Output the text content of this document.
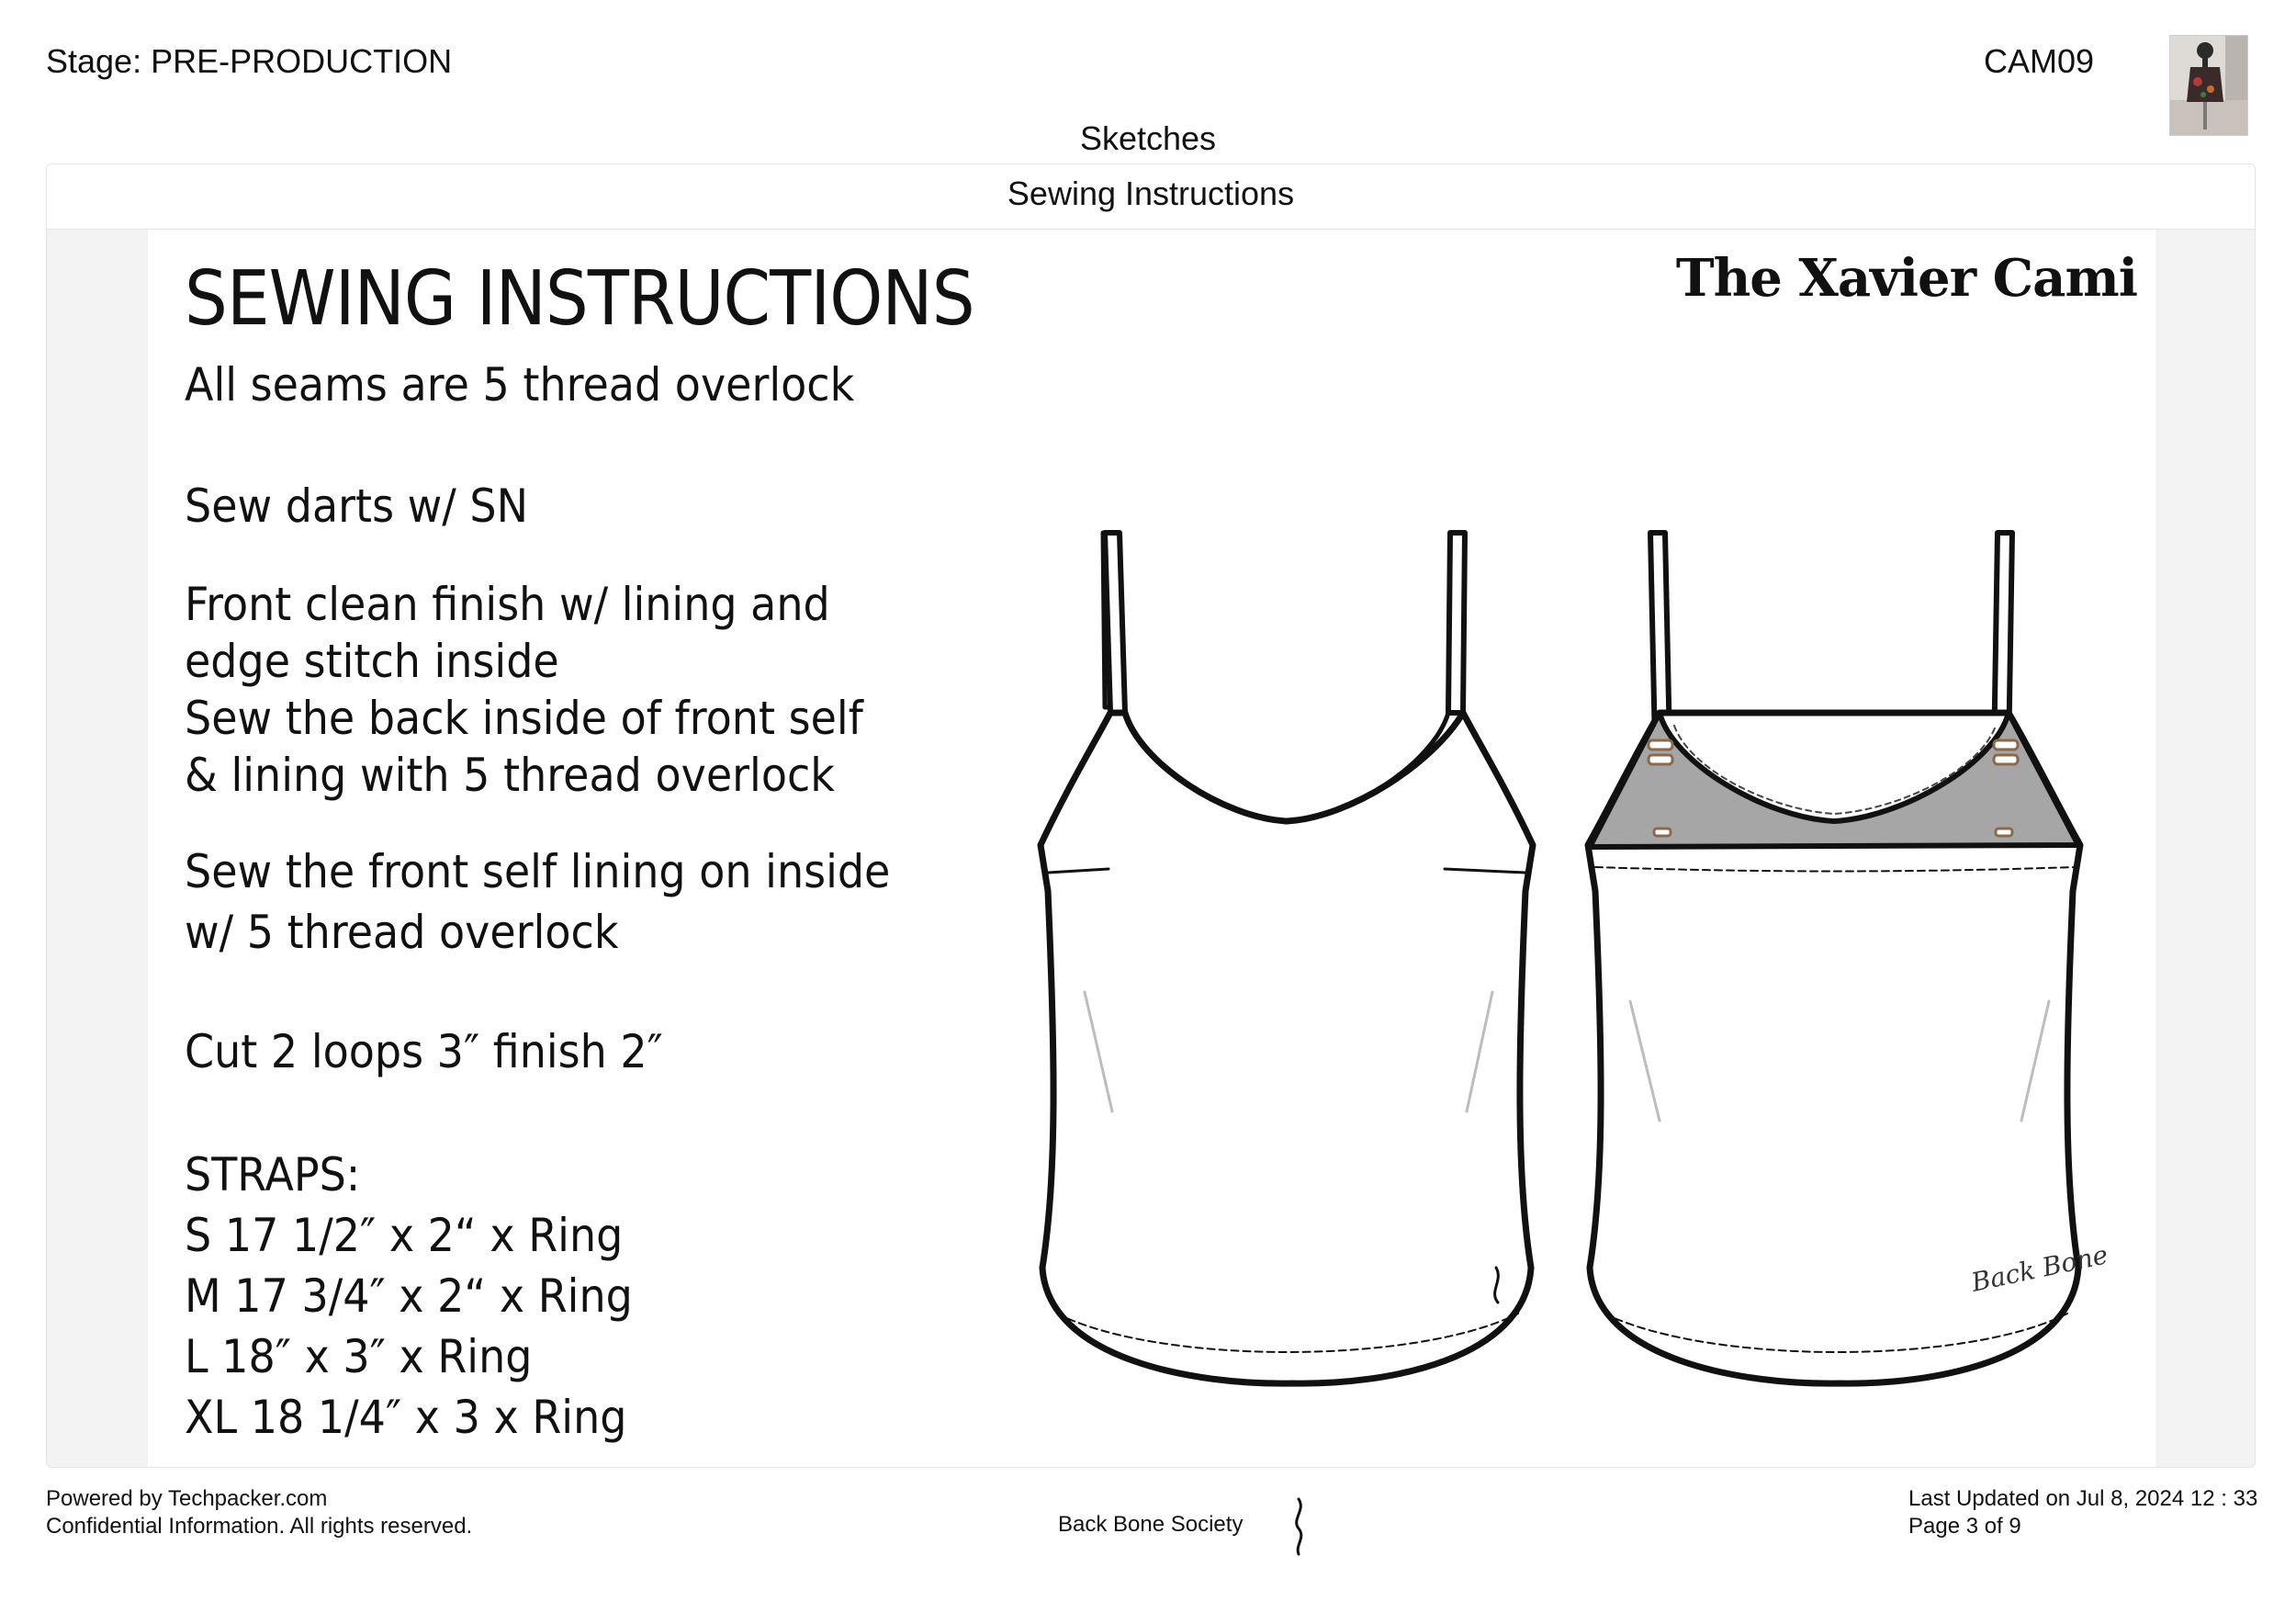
Stage: PRE-PRODUCTION	CAM09
Sketches
Sewing Instructions
SEWING INSTRUCTIONS	The Xavier Cami
All seams are 5 thread overlock
Sew darts w/ SN
Front clean finish w/ lining and
edge stitch inside
Sew the back inside of front self
& lining with 5 thread overlock
Sew the front self lining on inside
w/ 5 thread overlock
Cut 2 loops 3″ finish 2″
STRAPS:
S 17 1/2″ x 2“ x Ring
M 17 3/4″ x 2“ x Ring
L 18″ x 3″ x Ring
XL 18 1/4″ x 3 x Ring
Back Bone
Powered by Techpacker.com
Confidential Information. All rights reserved.	Back Bone Society
Last Updated on Jul 8, 2024 12 : 33
Page 3 of 9
